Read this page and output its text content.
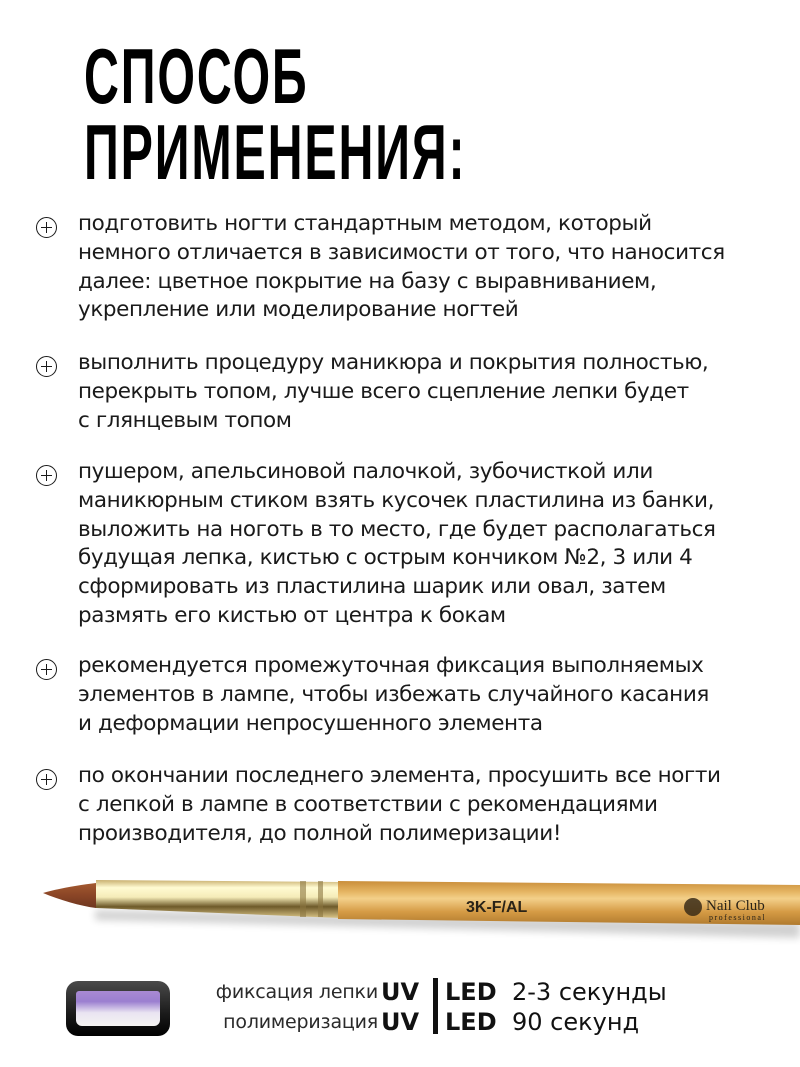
СПОСОБ
ПРИМЕНЕНИЯ:
подготовить ногти стандартным методом, который
немного отличается в зависимости от того, что наносится
далее: цветное покрытие на базу с выравниванием,
укрепление или моделирование ногтей
выполнить процедуру маникюра и покрытия полностью,
перекрыть топом, лучше всего сцепление лепки будет
с глянцевым топом
пушером, апельсиновой палочкой, зубочисткой или
маникюрным стиком взять кусочек пластилина из банки,
выложить на ноготь в то место, где будет располагаться
будущая лепка, кистью с острым кончиком №2, 3 или 4
сформировать из пластилина шарик или овал, затем
размять его кистью от центра к бокам
рекомендуется промежуточная фиксация выполняемых
элементов в лампе, чтобы избежать случайного касания
и деформации непросушенного элемента
по окончании последнего элемента, просушить все ногти
с лепкой в лампе в соответствии с рекомендациями
производителя, до полной полимеризации!
3K-F/AL	Nail Club
professional
фиксация лепки UV LED 2-3 секунды
полимеризация UV LED 90 секунд
